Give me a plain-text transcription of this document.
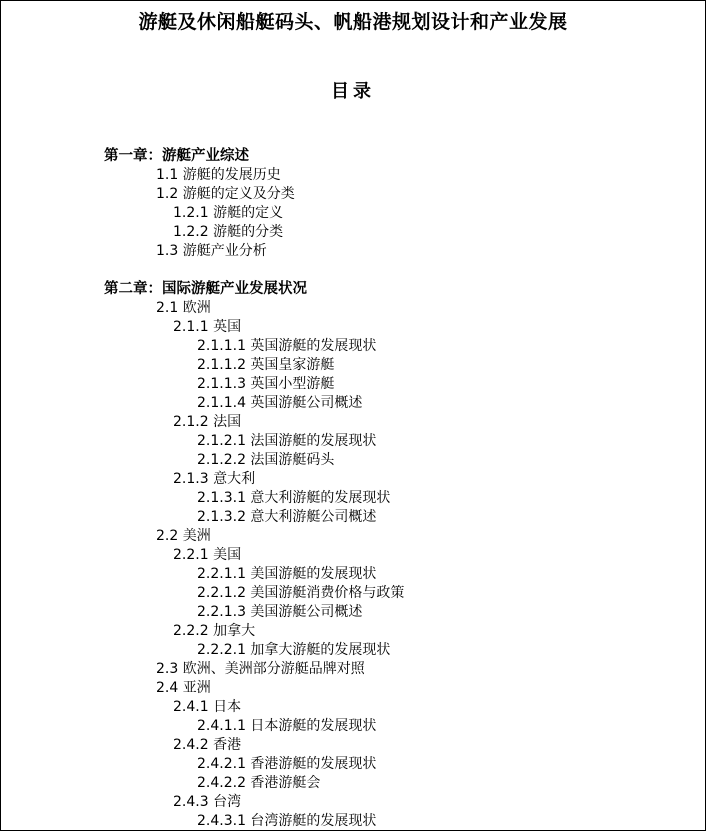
游艇及休闲船艇码头、帆船港规划设计和产业发展
目录
第一章：游艇产业综述
1.1 游艇的发展历史
1.2 游艇的定义及分类
1.2.1 游艇的定义
1.2.2 游艇的分类
1.3 游艇产业分析
第二章：国际游艇产业发展状况
2.1 欧洲
2.1.1 英国
2.1.1.1 英国游艇的发展现状
2.1.1.2 英国皇家游艇
2.1.1.3 英国小型游艇
2.1.1.4 英国游艇公司概述
2.1.2 法国
2.1.2.1 法国游艇的发展现状
2.1.2.2 法国游艇码头
2.1.3 意大利
2.1.3.1 意大利游艇的发展现状
2.1.3.2 意大利游艇公司概述
2.2 美洲
2.2.1 美国
2.2.1.1 美国游艇的发展现状
2.2.1.2 美国游艇消费价格与政策
2.2.1.3 美国游艇公司概述
2.2.2 加拿大
2.2.2.1 加拿大游艇的发展现状
2.3 欧洲、美洲部分游艇品牌对照
2.4 亚洲
2.4.1 日本
2.4.1.1 日本游艇的发展现状
2.4.2 香港
2.4.2.1 香港游艇的发展现状
2.4.2.2 香港游艇会
2.4.3 台湾
2.4.3.1 台湾游艇的发展现状
